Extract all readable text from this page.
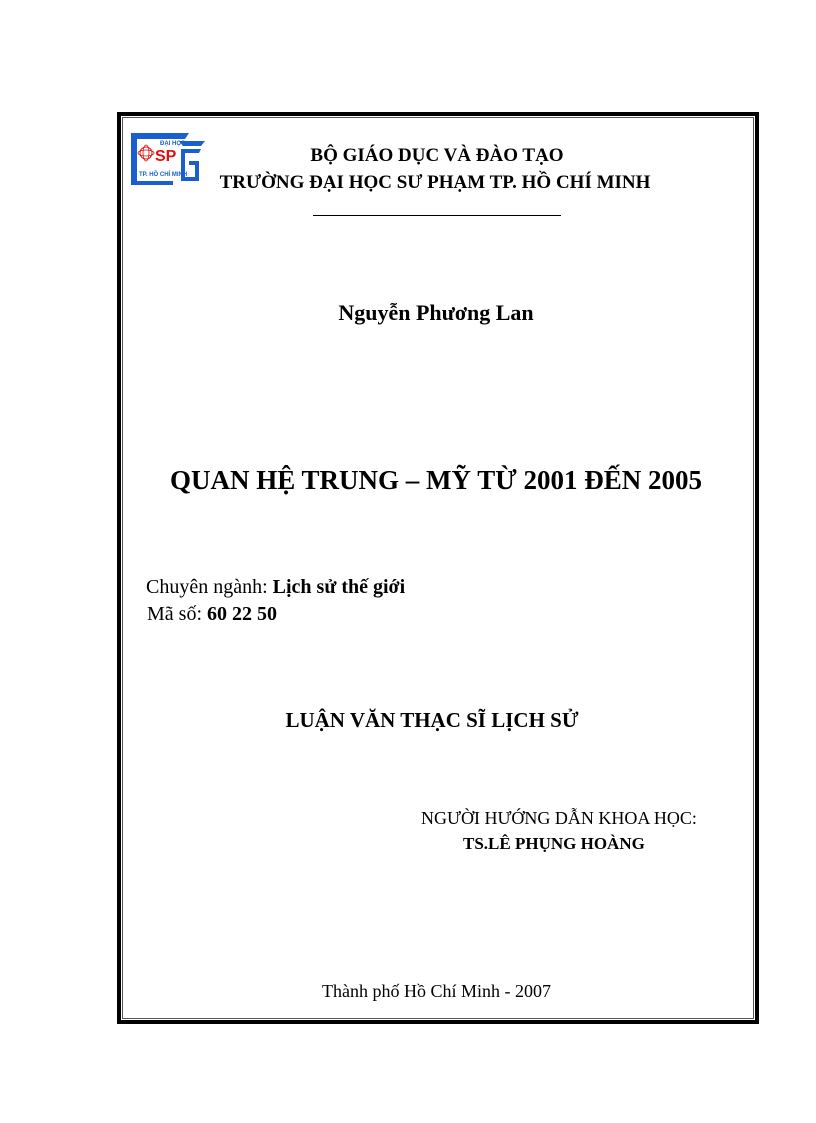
ĐẠI HỌC
SP
TP. HỒ CHÍ MINH
BỘ GIÁO DỤC VÀ ĐÀO TẠO
TRƯỜNG ĐẠI HỌC SƯ PHẠM TP. HỒ CHÍ MINH
Nguyễn Phương Lan
QUAN HỆ TRUNG – MỸ TỪ 2001 ĐẾN 2005
Chuyên ngành: Lịch sử thế giới
Mã số: 60 22 50
LUẬN VĂN THẠC SĨ LỊCH SỬ
NGƯỜI HƯỚNG DẪN KHOA HỌC:
TS.LÊ PHỤNG HOÀNG
Thành phố Hồ Chí Minh - 2007
